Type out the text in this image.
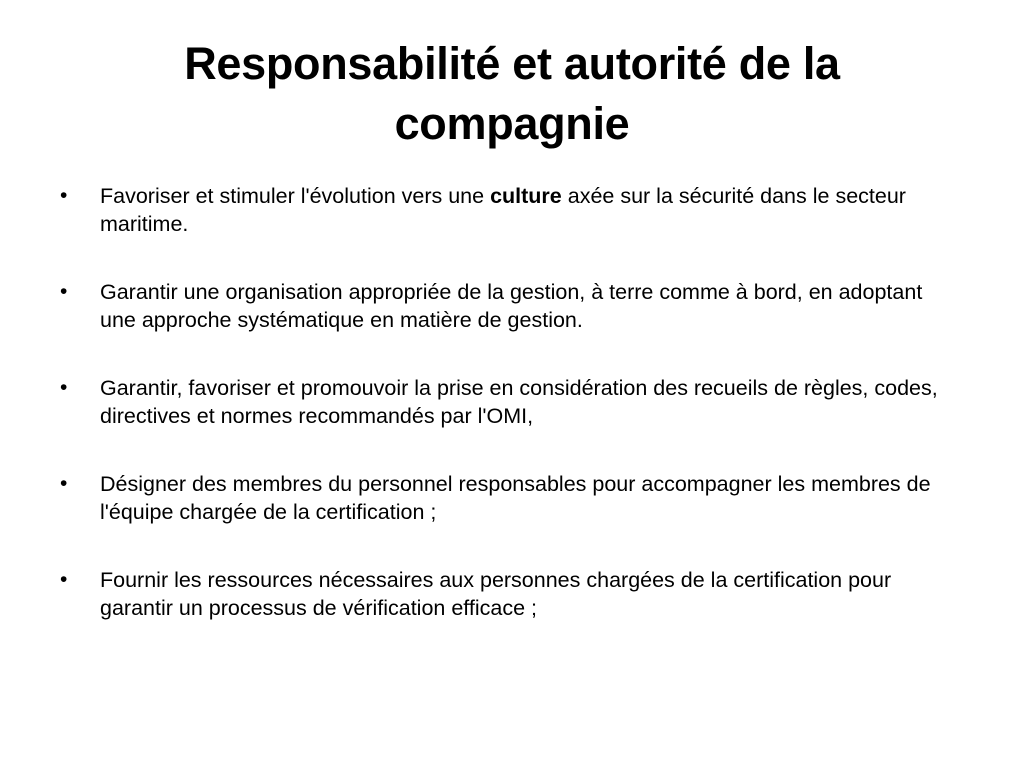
Responsabilité et autorité de la compagnie
•	Favoriser et stimuler l'évolution vers une culture axée sur la sécurité dans le secteur maritime.
•	Garantir une organisation appropriée de la gestion, à terre comme à bord, en adoptant une approche systématique en matière de gestion.
•	Garantir, favoriser et promouvoir la prise en considération des recueils de règles, codes, directives et normes recommandés par l'OMI,
•	Désigner des membres du personnel responsables pour accompagner les membres de l'équipe chargée de la certification ;
•	Fournir les ressources nécessaires aux personnes chargées de la certification pour garantir un processus de vérification efficace ;
